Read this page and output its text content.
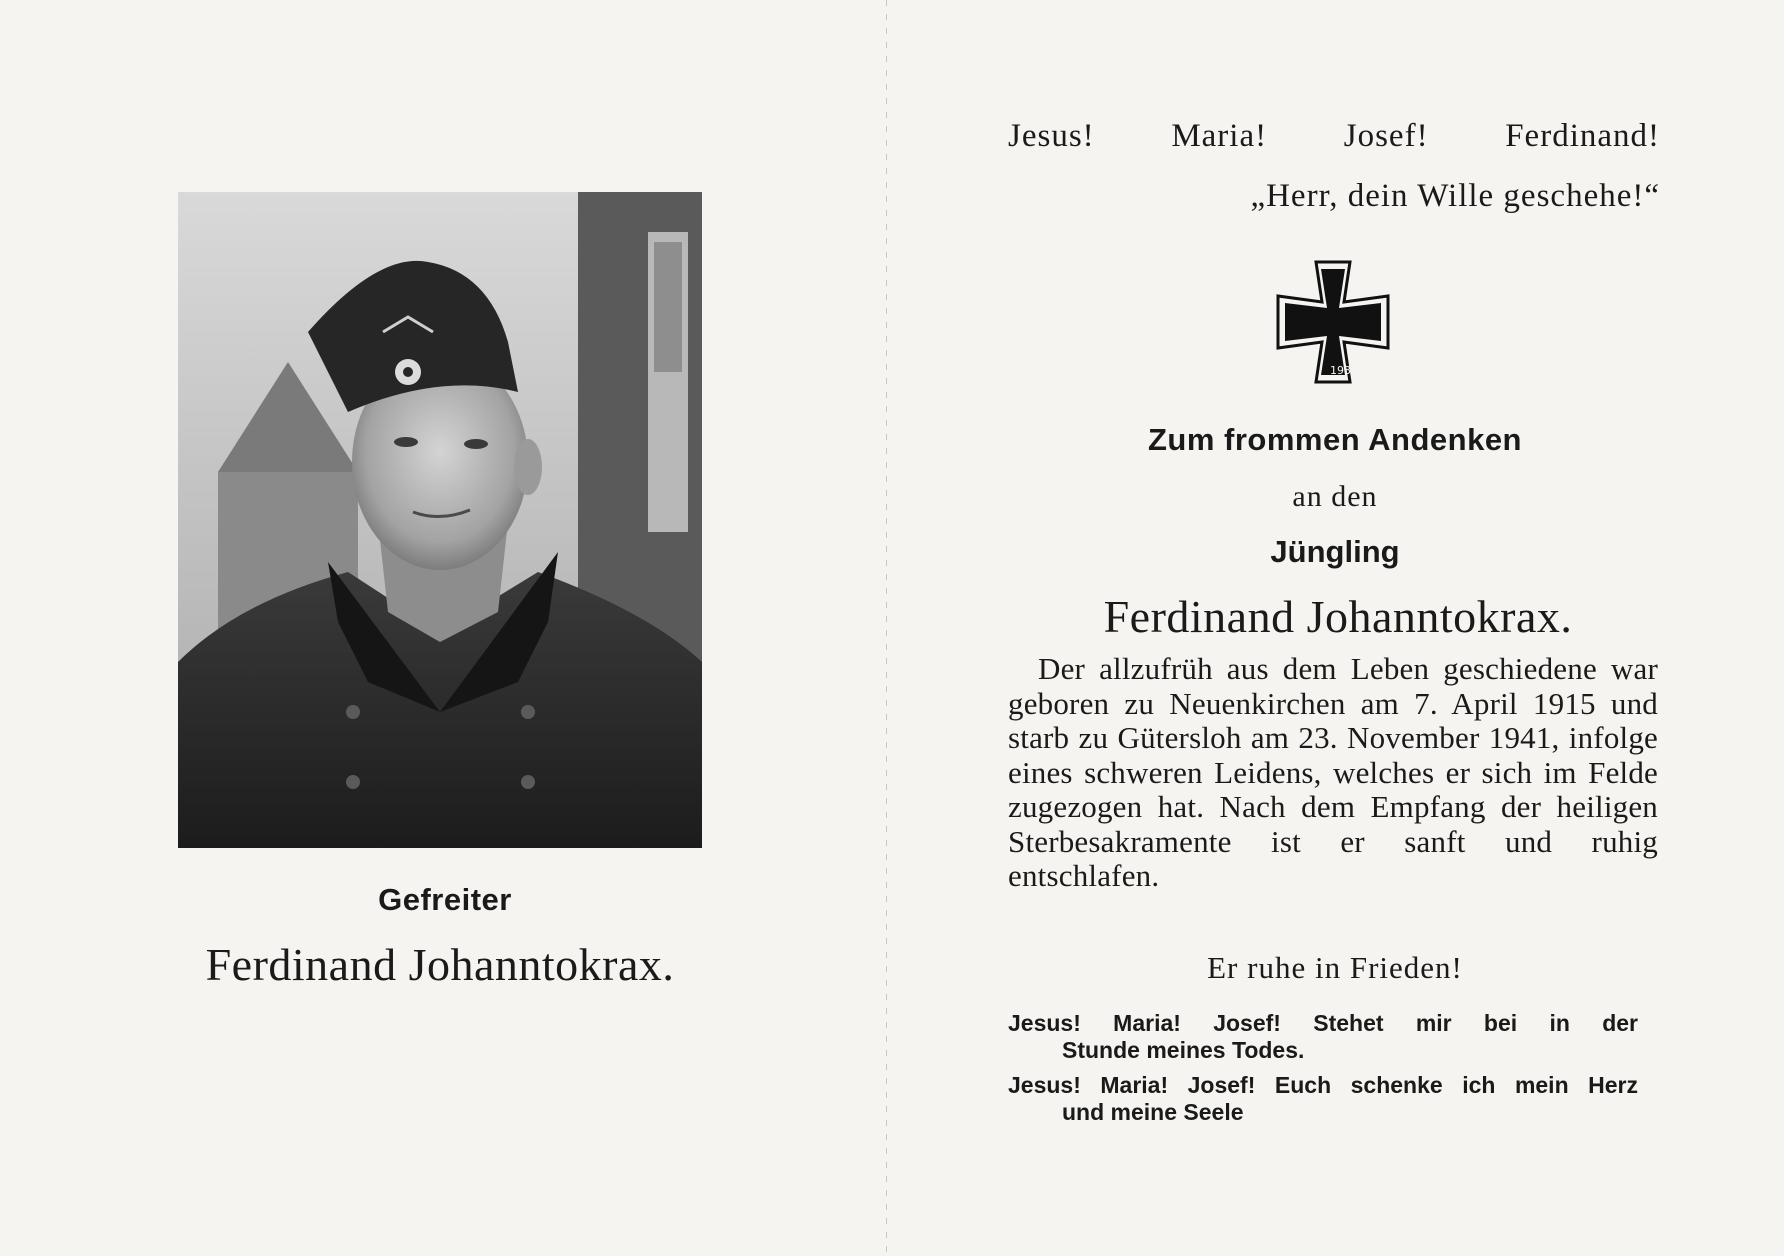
Gefreiter
Ferdinand Johanntokrax.
Jesus! Maria! Josef! Ferdinand!
„Herr, dein Wille geschehe!“
1939
Zum frommen Andenken
an den
Jüngling
Ferdinand Johanntokrax.

Der allzufrüh aus dem Leben geschiedene war geboren zu Neuenkirchen am 7. April 1915 und starb zu Gütersloh am 23. November 1941, infolge eines schweren Leidens, welches er sich im Felde zugezogen hat. Nach dem Empfang der heiligen Sterbesakramente ist er sanft und ruhig entschlafen.

Er ruhe in Frieden!
Jesus! Maria! Josef! Stehet mir bei in der
Stunde meines Todes.
Jesus! Maria! Josef! Euch schenke ich mein Herz
und meine Seele
